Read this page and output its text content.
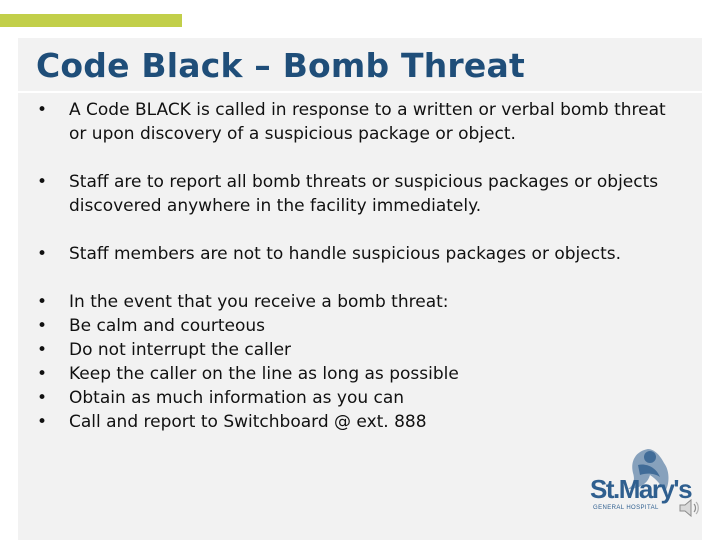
Code Black – Bomb Threat
•	A Code BLACK is called in response to a written or verbal bomb threat or upon discovery of a suspicious package or object.
•	Staff are to report all bomb threats or suspicious packages or objects discovered anywhere in the facility immediately.
•	Staff members are not to handle suspicious packages or objects.
•	In the event that you receive a bomb threat:
•	Be calm and courteous
•	Do not interrupt the caller
•	Keep the caller on the line as long as possible
•	Obtain as much information as you can
•	Call and report to Switchboard @ ext. 888
St.Mary's
GENERAL HOSPITAL
